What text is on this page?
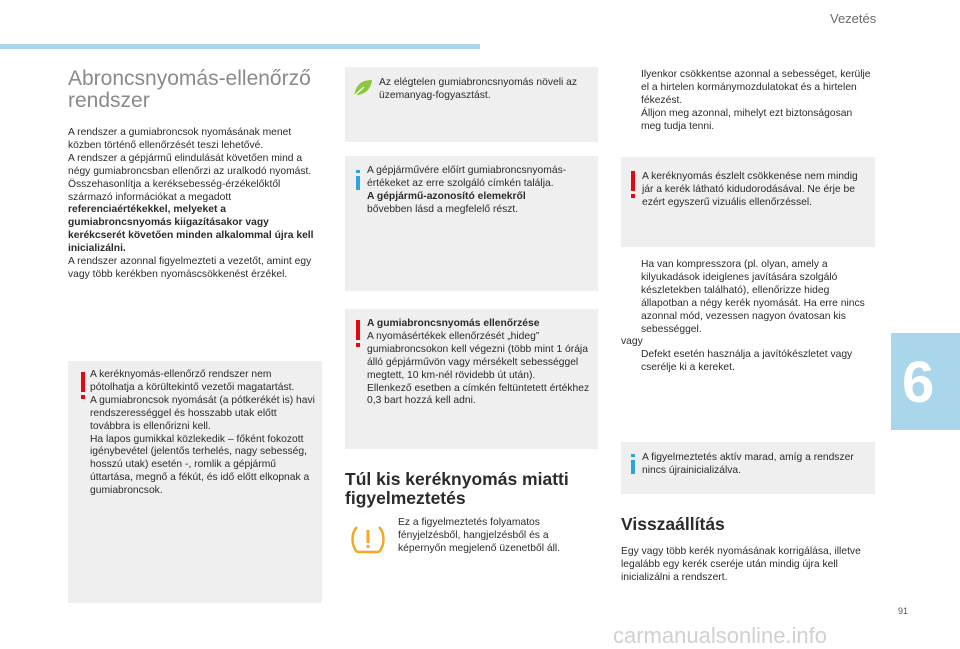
Vezetés
6
91
carmanualsonline.info
Abroncsnyomás-ellenőrző
rendszer

A rendszer a gumiabroncsok nyomásának menet közben történő ellenőrzését teszi lehetővé.

A rendszer a gépjármű elindulását követően mind a négy gumiabroncsban ellenőrzi az uralkodó nyomást.

Összehasonlítja a keréksebesség-érzékelőktől származó információkat a megadott referenciaértékekkel, melyeket a gumiabroncsnyomás kiigazításakor vagy kerékcserét követően minden alkalommal újra kell inicializálni.

A rendszer azonnal figyelmezteti a vezetőt, amint egy vagy több kerékben nyomáscsökkenést érzékel.

A keréknyomás-ellenőrző rendszer nem pótolhatja a körültekintő vezetői magatartást.

A gumiabroncsok nyomását (a pótkerékét is) havi rendszerességgel és hosszabb utak előtt továbbra is ellenőrizni kell.

Ha lapos gumikkal közlekedik – főként fokozott igénybevétel (jelentős terhelés, nagy sebesség, hosszú utak) esetén -, romlik a gépjármű úttartása, megnő a fékút, és idő előtt elkopnak a gumiabroncsok.

Az elégtelen gumiabroncsnyomás növeli az üzemanyag-fogyasztást.

A gépjárművére előírt gumiabroncsnyomás-értékeket az erre szolgáló címkén találja.

A gépjármű-azonosító elemekről

bővebben lásd a megfelelő részt.

A gumiabroncsnyomás ellenőrzése

A nyomásértékek ellenőrzését „hideg” gumiabroncsokon kell végezni (több mint 1 órája álló gépjárművön vagy mérsékelt sebességgel megtett, 10 km-nél rövidebb út után).

Ellenkező esetben a címkén feltüntetett értékhez 0,3 bart hozzá kell adni.

Túl kis keréknyomás miatti
figyelmeztetés
Ez a figyelmeztetés folyamatos fényjelzésből, hangjelzésből és a képernyőn megjelenő üzenetből áll.
Ilyenkor csökkentse azonnal a sebességet, kerülje el a hirtelen kormánymozdulatokat és a hirtelen fékezést.
Álljon meg azonnal, mihelyt ezt biztonságosan meg tudja tenni.
A keréknyomás észlelt csökkenése nem mindig jár a kerék látható kidudorodásával. Ne érje be ezért egyszerű vizuális ellenőrzéssel.
Ha van kompresszora (pl. olyan, amely a kilyukadások ideiglenes javítására szolgáló készletekben található), ellenőrizze hideg állapotban a négy kerék nyomását. Ha erre nincs azonnal mód, vezessen nagyon óvatosan kis sebességgel.
vagy
Defekt esetén használja a javítókészletet vagy cserélje ki a kereket.
A figyelmeztetés aktív marad, amíg a rendszer nincs újrainicializálva.
Visszaállítás
Egy vagy több kerék nyomásának korrigálása, illetve legalább egy kerék cseréje után mindig újra kell inicializálni a rendszert.
